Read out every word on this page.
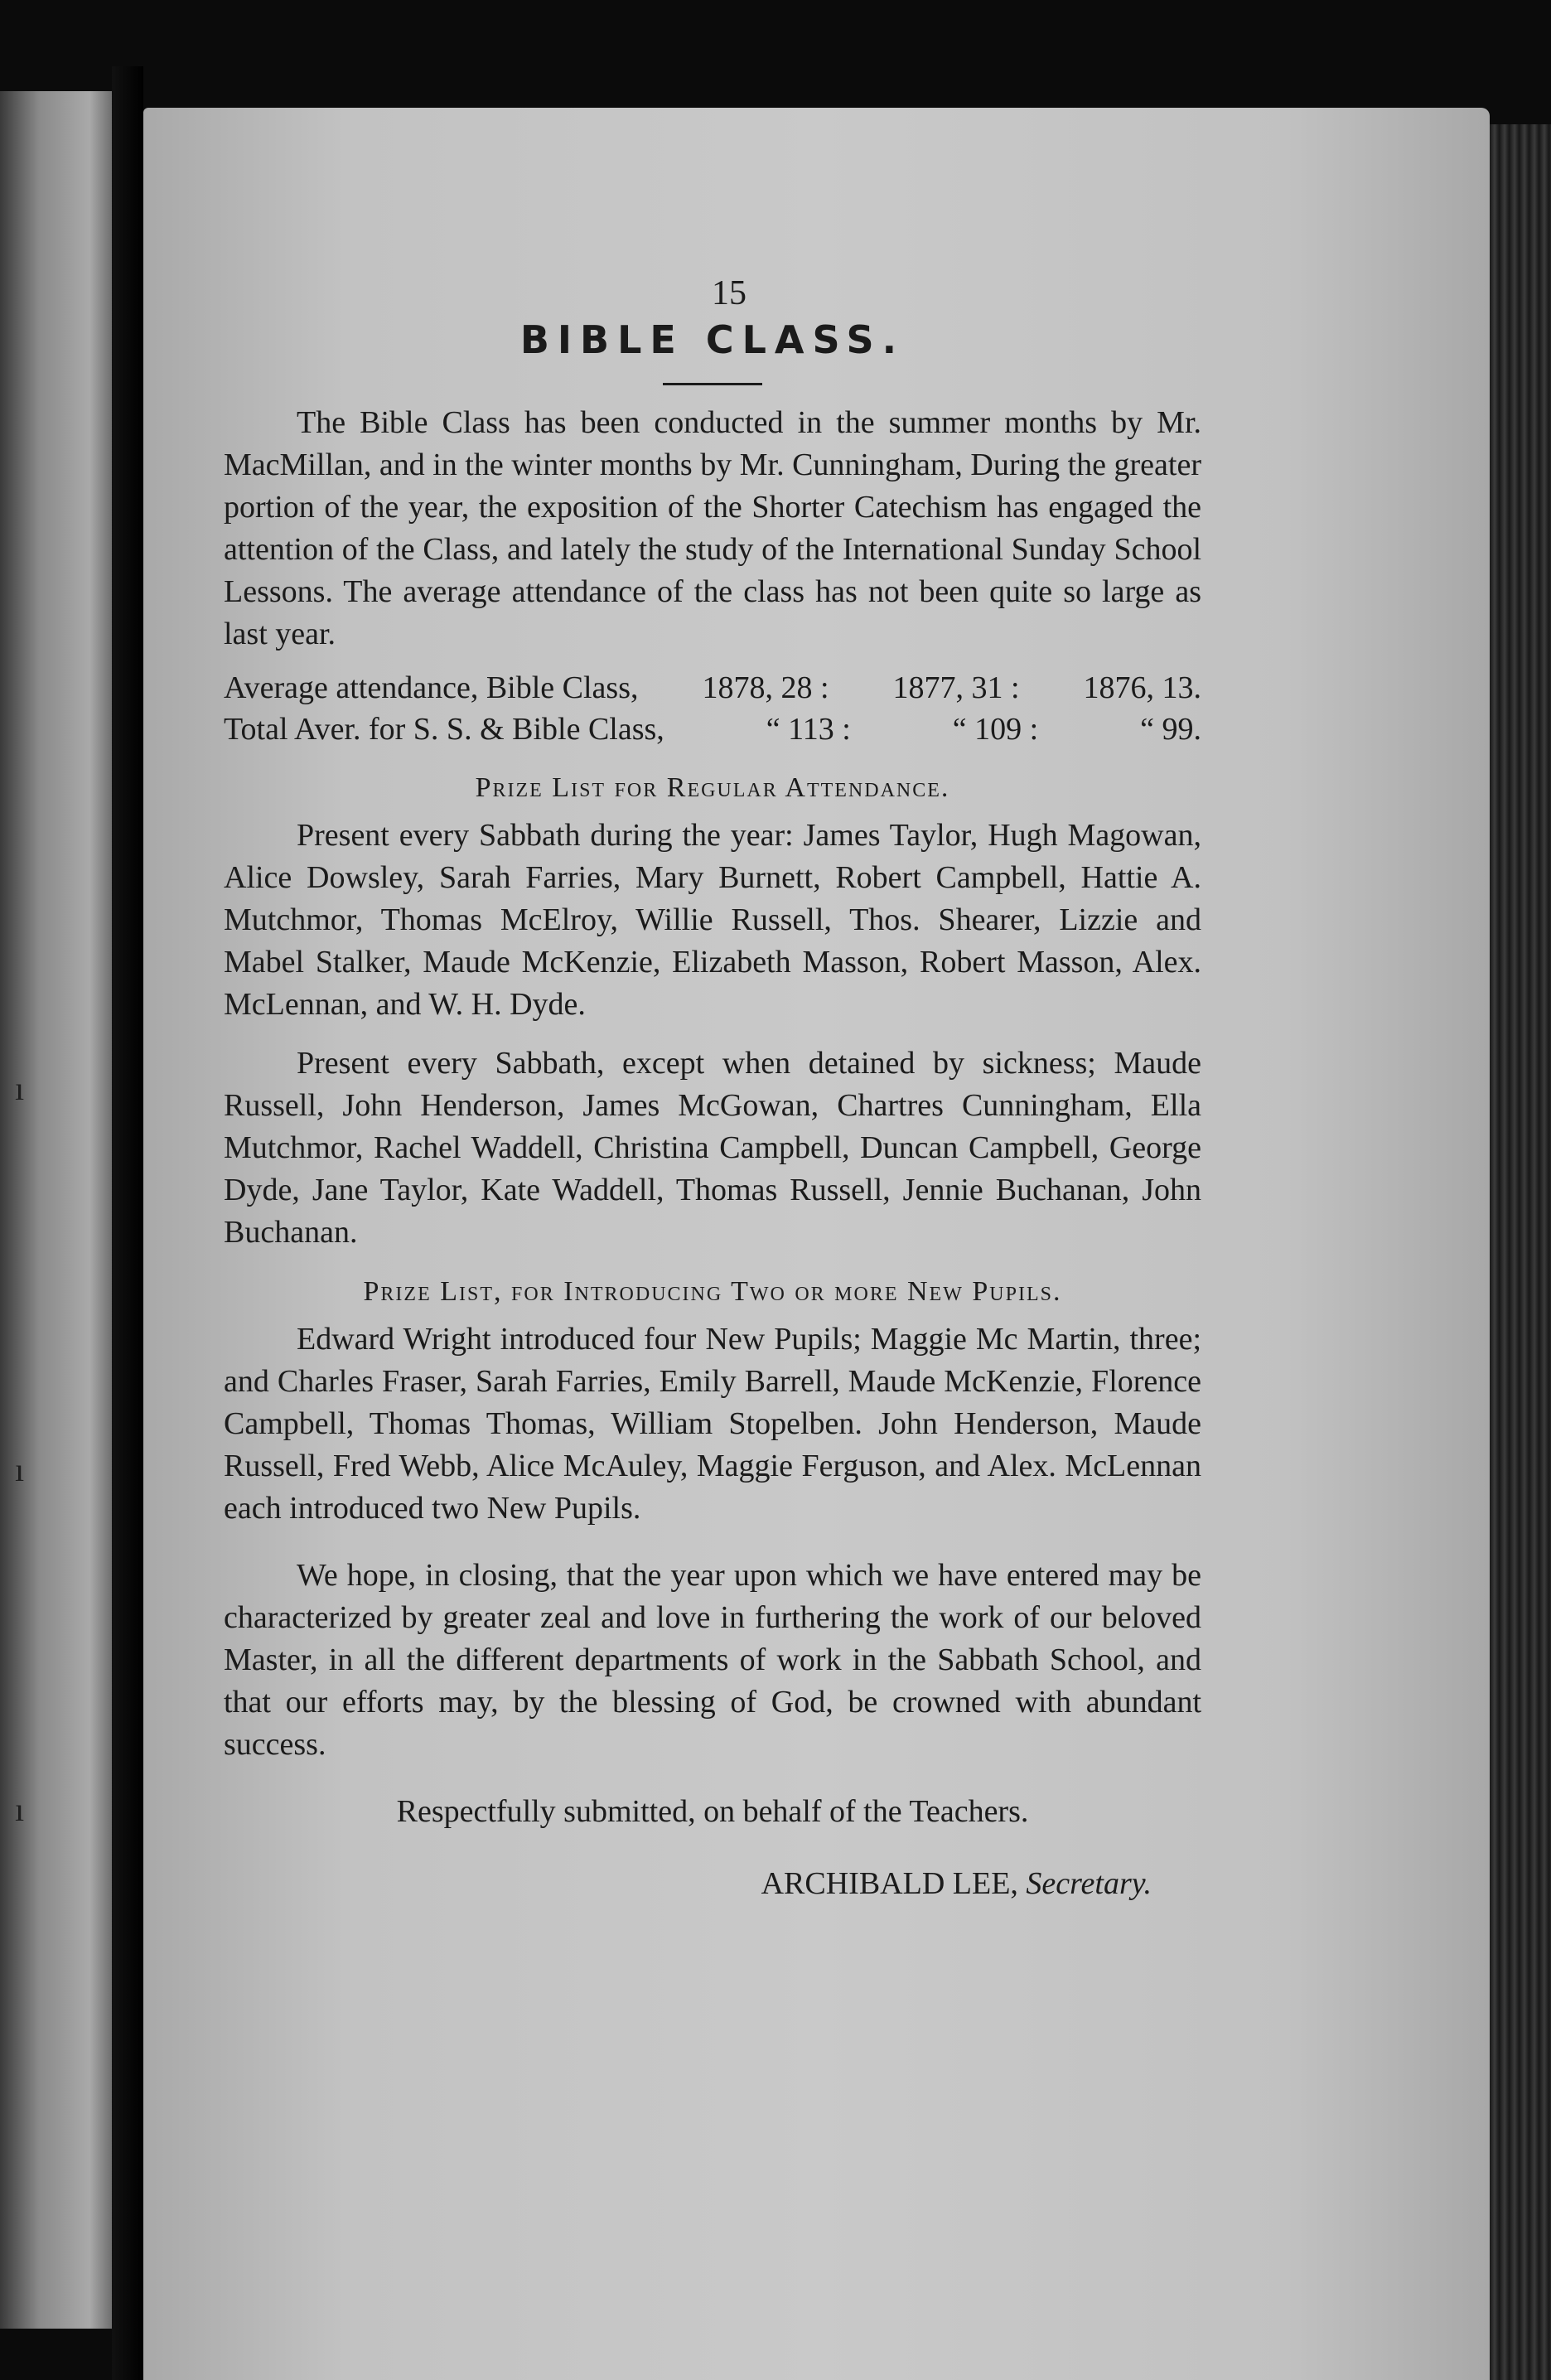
ı
ı
ı
15
BIBLE CLASS.

The Bible Class has been conducted in the summer months by Mr. MacMillan, and in the winter months by Mr. Cunningham, During the greater portion of the year, the exposition of the Shorter Catechism has engaged the attention of the Class, and lately the study of the International Sunday School Lessons. The average attendance of the class has not been quite so large as last year.

Average attendance, Bible Class, 1878, 28 : 1877, 31 : 1876, 13.
Total Aver. for S. S. & Bible Class,	“ 113 :	“ 109 :	“ 99.
Prize List for Regular Attendance.

Present every Sabbath during the year: James Taylor, Hugh Magowan, Alice Dowsley, Sarah Farries, Mary Burnett, Robert Campbell, Hattie A. Mutchmor, Thomas McElroy, Willie Russell, Thos. Shearer, Lizzie and Mabel Stalker, Maude McKenzie, Elizabeth Masson, Robert Masson, Alex. McLennan, and W. H. Dyde.

Present every Sabbath, except when detained by sickness; Maude Russell, John Henderson, James McGowan, Chartres Cunningham, Ella Mutchmor, Rachel Waddell, Christina Campbell, Duncan Campbell, George Dyde, Jane Taylor, Kate Waddell, Thomas Russell, Jennie Buchanan, John Buchanan.

Prize List, for Introducing Two or more New Pupils.

Edward Wright introduced four New Pupils; Maggie Mc Martin, three; and Charles Fraser, Sarah Farries, Emily Barrell, Maude McKenzie, Florence Campbell, Thomas Thomas, William Stopelben. John Henderson, Maude Russell, Fred Webb, Alice McAuley, Maggie Ferguson, and Alex. McLennan each introduced two New Pupils.

We hope, in closing, that the year upon which we have entered may be characterized by greater zeal and love in furthering the work of our beloved Master, in all the different departments of work in the Sabbath School, and that our efforts may, by the blessing of God, be crowned with abundant success.

Respectfully submitted, on behalf of the Teachers.
ARCHIBALD LEE, Secretary.
